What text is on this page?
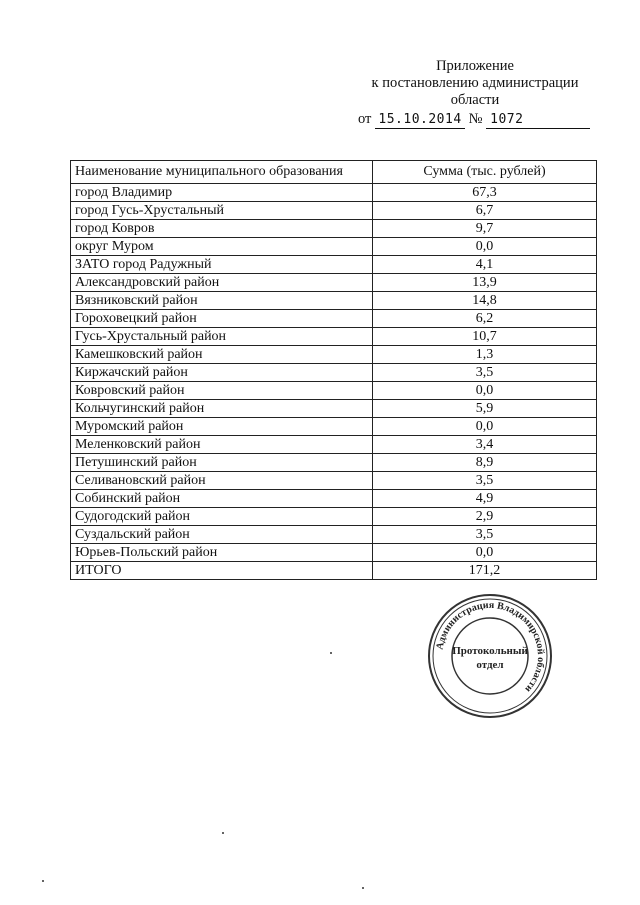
Приложение
к постановлению администрации
области
от 15.10.2014 № 1072
Наименование муниципального образования	Сумма (тыс. рублей)
город Владимир	67,3
город Гусь-Хрустальный	6,7
город Ковров	9,7
округ Муром	0,0
ЗАТО город Радужный	4,1
Александровский район	13,9
Вязниковский район	14,8
Гороховецкий район	6,2
Гусь-Хрустальный район	10,7
Камешковский район	1,3
Киржачский район	3,5
Ковровский район	0,0
Кольчугинский район	5,9
Муромский район	0,0
Меленковский район	3,4
Петушинский район	8,9
Селивановский район	3,5
Собинский район	4,9
Судогодский район	2,9
Суздальский район	3,5
Юрьев-Польский район	0,0
ИТОГО	171,2
Администрация Владимирской области
Протокольный
отдел
